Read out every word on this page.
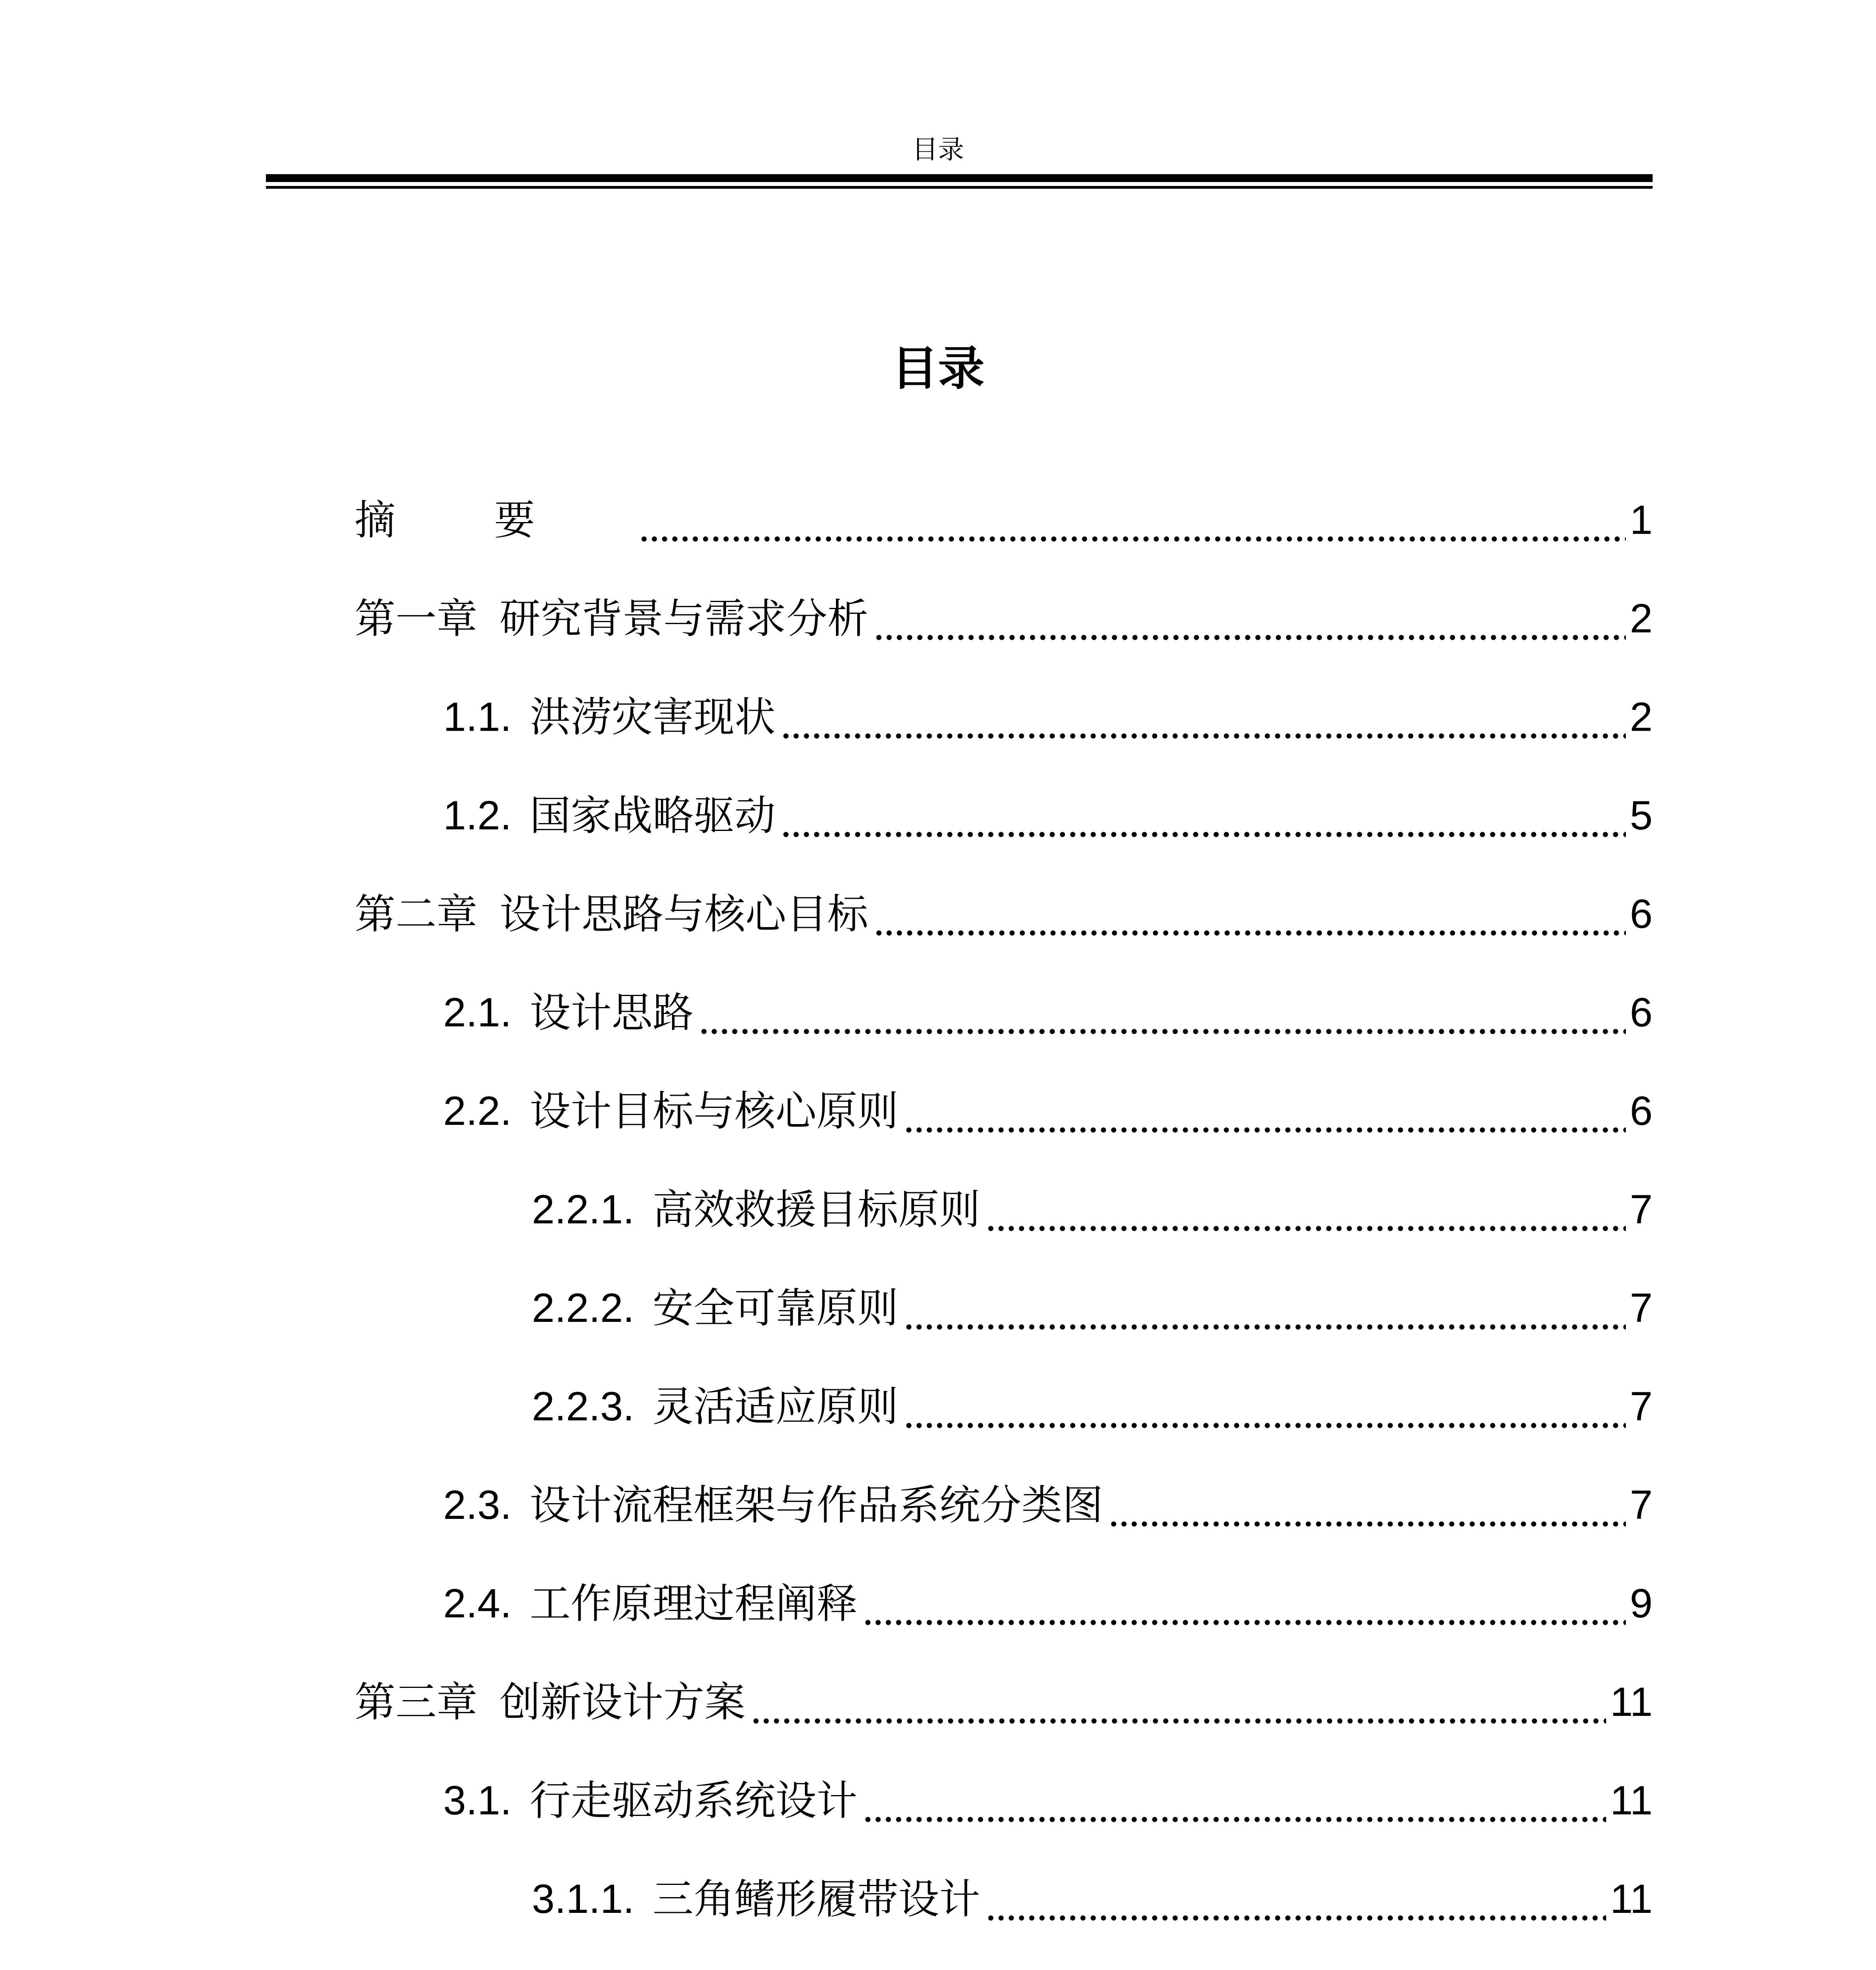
目录
目录
摘要	1
第一章 研究背景与需求分析	2
1.1. 洪涝灾害现状	2
1.2. 国家战略驱动	5
第二章 设计思路与核心目标	6
2.1. 设计思路	6
2.2. 设计目标与核心原则	6
2.2.1. 高效救援目标原则	7
2.2.2. 安全可靠原则	7
2.2.3. 灵活适应原则	7
2.3. 设计流程框架与作品系统分类图	7
2.4. 工作原理过程阐释	9
第三章 创新设计方案	11
3.1. 行走驱动系统设计	11
3.1.1. 三角鳍形履带设计	11
